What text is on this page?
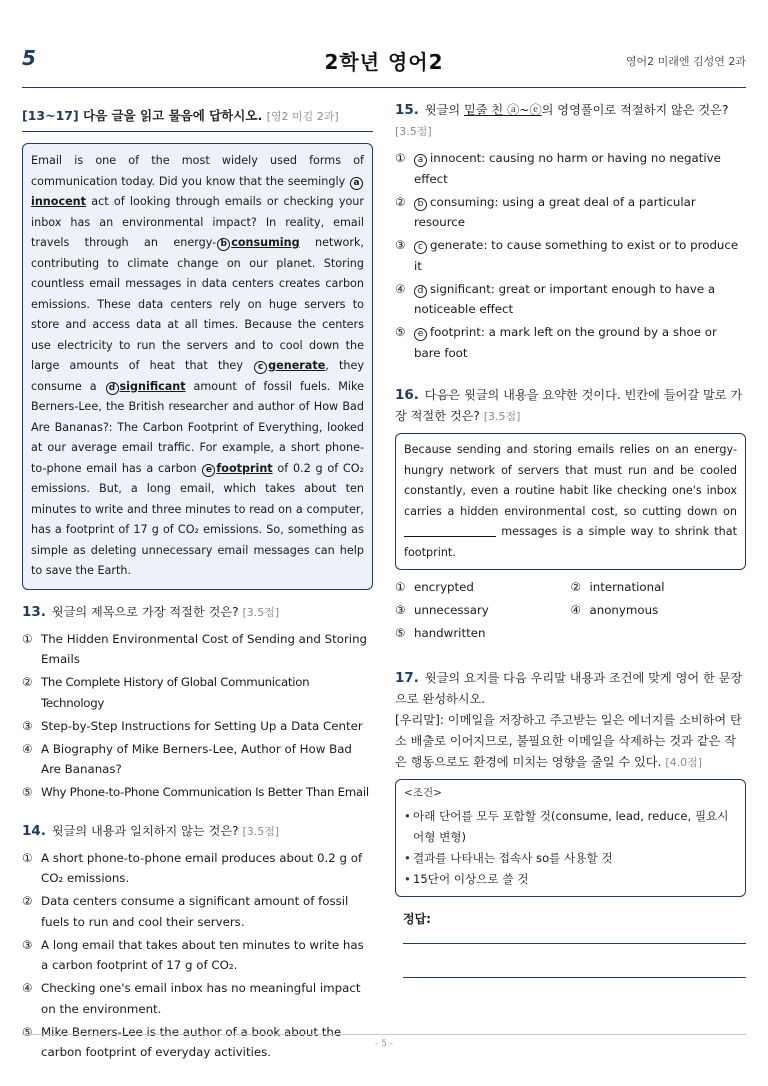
5	2학년 영어2	영어2 미래엔 김성연 2과
[13~17] 다음 글을 읽고 물음에 답하시오. [영2 미김 2과]
Email is one of the most widely used forms of communication today. Did you know that the seemingly ainnocent act of looking through emails or checking your inbox has an environmental impact? In reality, email travels through an energy- b consuming network, contributing to climate change on our planet. Storing countless email messages in data centers creates carbon emissions. These data centers rely on huge servers to store and access data at all times. Because the centers use electricity to run the servers and to cool down the large amounts of heat that they c generate, they consume a d significant amount of fossil fuels. Mike Berners-Lee, the British researcher and author of How Bad Are Bananas?: The Carbon Footprint of Everything, looked at our average email traffic. For example, a short phone-to-phone email has a carbon e footprint of 0.2 g of CO₂ emissions. But, a long email, which takes about ten minutes to write and three minutes to read on a computer, has a footprint of 17 g of CO₂ emissions. So, something as simple as deleting unnecessary email messages can help to save the Earth.
13. 윗글의 제목으로 가장 적절한 것은? [3.5점]
① The Hidden Environmental Cost of Sending and Storing Emails
② The Complete History of Global Communication Technology
③ Step-by-Step Instructions for Setting Up a Data Center
④ A Biography of Mike Berners-Lee, Author of How Bad Are Bananas?
⑤ Why Phone-to-Phone Communication Is Better Than Email
14. 윗글의 내용과 일치하지 않는 것은? [3.5점]
① A short phone-to-phone email produces about 0.2 g of CO₂ emissions.
② Data centers consume a significant amount of fossil fuels to run and cool their servers.
③ A long email that takes about ten minutes to write has a carbon footprint of 17 g of CO₂.
④ Checking one's email inbox has no meaningful impact on the environment.
⑤ Mike Berners-Lee is the author of a book about the carbon footprint of everyday activities.
15. 윗글의 밑줄 친 ⓐ~ⓔ의 영영풀이로 적절하지 않은 것은? [3.5점]
①	a innocent: causing no harm or having no negative effect
②	b consuming: using a great deal of a particular resource
③	c generate: to cause something to exist or to produce it
④	d significant: great or important enough to have a noticeable effect
⑤	e footprint: a mark left on the ground by a shoe or bare foot
16. 다음은 윗글의 내용을 요약한 것이다. 빈칸에 들어갈 말로 가장 적절한 것은? [3.5점]
Because sending and storing emails relies on an energy-hungry network of servers that must run and be cooled constantly, even a routine habit like checking one's inbox carries a hidden environmental cost, so cutting down on  messages is a simple way to shrink that footprint.
① encrypted	② international
③ unnecessary	④ anonymous
⑤ handwritten
17. 윗글의 요지를 다음 우리말 내용과 조건에 맞게 영어 한 문장으로 완성하시오.
[우리말]: 이메일을 저장하고 주고받는 일은 에너지를 소비하여 탄소 배출로 이어지므로, 불필요한 이메일을 삭제하는 것과 같은 작은 행동으로도 환경에 미치는 영향을 줄일 수 있다. [4.0점]
<조건>
• 아래 단어를 모두 포함할 것(consume, lead, reduce, 필요시 어형 변형)
• 결과를 나타내는 접속사 so를 사용할 것
• 15단어 이상으로 쓸 것
정답:
- 5 -
